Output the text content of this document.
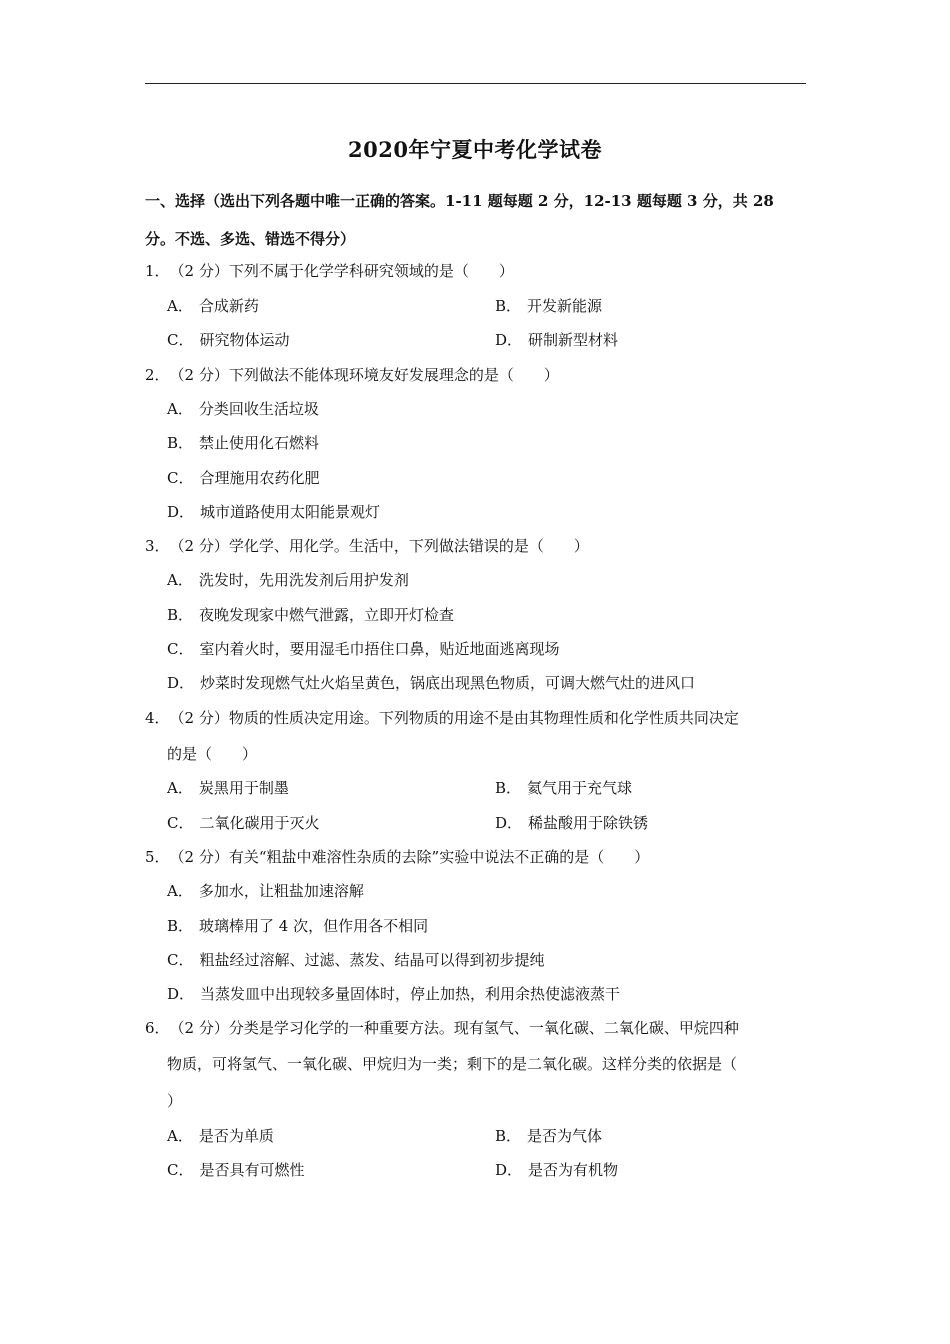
2020年宁夏中考化学试卷
一、选择（选出下列各题中唯一正确的答案。1-11 题每题 2 分，12-13 题每题 3 分，共 28
分。不选、多选、错选不得分）
1．（2 分）下列不属于化学学科研究领域的是（　　）
A． 合成新药	B． 开发新能源
C． 研究物体运动	D． 研制新型材料
2．（2 分）下列做法不能体现环境友好发展理念的是（　　）
A． 分类回收生活垃圾
B． 禁止使用化石燃料
C． 合理施用农药化肥
D． 城市道路使用太阳能景观灯
3．（2 分）学化学、用化学。生活中，下列做法错误的是（　　）
A． 洗发时，先用洗发剂后用护发剂
B． 夜晚发现家中燃气泄露，立即开灯检查
C． 室内着火时，要用湿毛巾捂住口鼻，贴近地面逃离现场
D． 炒菜时发现燃气灶火焰呈黄色，锅底出现黑色物质，可调大燃气灶的进风口
4．（2 分）物质的性质决定用途。下列物质的用途不是由其物理性质和化学性质共同决定
的是（　　）
A． 炭黑用于制墨	B． 氦气用于充气球
C． 二氧化碳用于灭火	D． 稀盐酸用于除铁锈
5．（2 分）有关“粗盐中难溶性杂质的去除”实验中说法不正确的是（　　）
A． 多加水，让粗盐加速溶解
B． 玻璃棒用了 4 次，但作用各不相同
C． 粗盐经过溶解、过滤、蒸发、结晶可以得到初步提纯
D． 当蒸发皿中出现较多量固体时，停止加热，利用余热使滤液蒸干
6．（2 分）分类是学习化学的一种重要方法。现有氢气、一氧化碳、二氧化碳、甲烷四种
物质，可将氢气、一氧化碳、甲烷归为一类；剩下的是二氧化碳。这样分类的依据是（
）
A． 是否为单质	B． 是否为气体
C． 是否具有可燃性	D． 是否为有机物
